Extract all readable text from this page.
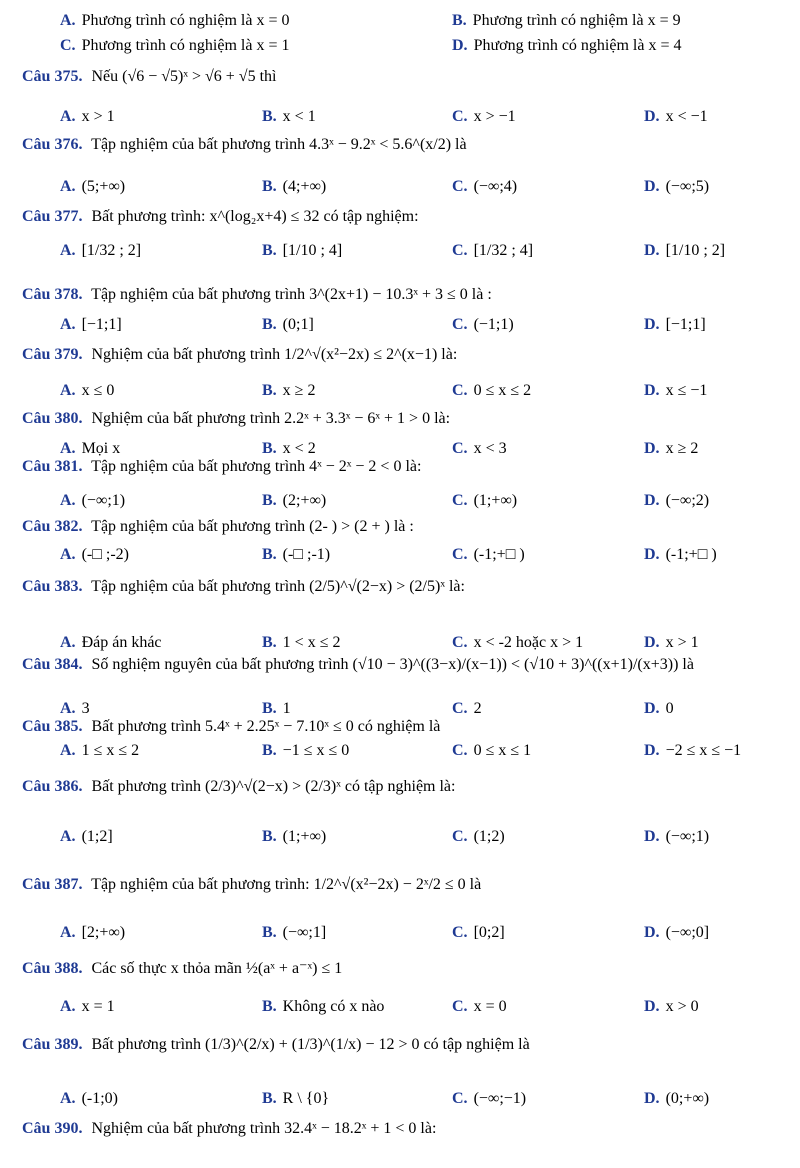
A. Phương trình có nghiệm là x = 0	B. Phương trình có nghiệm là x = 9
C. Phương trình có nghiệm là x = 1	D. Phương trình có nghiệm là x = 4
Câu 375. Nếu (√6 − √5)ˣ > √6 + √5 thì
A. x > 1	B. x < 1	C. x > −1	D. x < −1
Câu 376. Tập nghiệm của bất phương trình 4.3ˣ − 9.2ˣ < 5.6^(x/2) là
A. (5;+∞)	B. (4;+∞)	C. (−∞;4)	D. (−∞;5)
Câu 377. Bất phương trình: x^(log₂x+4) ≤ 32 có tập nghiệm:
A. [1/32 ; 2]	B. [1/10 ; 4]	C. [1/32 ; 4]	D. [1/10 ; 2]
Câu 378. Tập nghiệm của bất phương trình 3^(2x+1) − 10.3ˣ + 3 ≤ 0 là :
A. [−1;1]	B. (0;1]	C. (−1;1)	D. [−1;1]
Câu 379. Nghiệm của bất phương trình 1/2^√(x²−2x) ≤ 2^(x−1) là:
A. x ≤ 0	B. x ≥ 2	C. 0 ≤ x ≤ 2	D. x ≤ −1
Câu 380. Nghiệm của bất phương trình 2.2ˣ + 3.3ˣ − 6ˣ + 1 > 0 là:
A. Mọi x	B. x < 2	C. x < 3	D. x ≥ 2
Câu 381. Tập nghiệm của bất phương trình 4ˣ − 2ˣ − 2 < 0 là:
A. (−∞;1)	B. (2;+∞)	C. (1;+∞)	D. (−∞;2)
Câu 382. Tập nghiệm của bất phương trình (2- ) > (2 + ) là :
A. (-□ ;-2)	B. (-□ ;-1)	C. (-1;+□ )	D. (-1;+□ )
Câu 383. Tập nghiệm của bất phương trình (2/5)^√(2−x) > (2/5)ˣ là:
A. Đáp án khác	B. 1 < x ≤ 2	C. x < -2 hoặc x > 1	D. x > 1
Câu 384. Số nghiệm nguyên của bất phương trình (√10 − 3)^((3−x)/(x−1)) < (√10 + 3)^((x+1)/(x+3)) là
A. 3	B. 1	C. 2	D. 0
Câu 385. Bất phương trình 5.4ˣ + 2.25ˣ − 7.10ˣ ≤ 0 có nghiệm là
A. 1 ≤ x ≤ 2	B. −1 ≤ x ≤ 0	C. 0 ≤ x ≤ 1	D. −2 ≤ x ≤ −1
Câu 386. Bất phương trình (2/3)^√(2−x) > (2/3)ˣ có tập nghiệm là:
A. (1;2]	B. (1;+∞)	C. (1;2)	D. (−∞;1)
Câu 387. Tập nghiệm của bất phương trình: 1/2^√(x²−2x) − 2ˣ/2 ≤ 0 là
A. [2;+∞)	B. (−∞;1]	C. [0;2]	D. (−∞;0]
Câu 388. Các số thực x thỏa mãn ½(aˣ + a⁻ˣ) ≤ 1
A. x = 1	B. Không có x nào	C. x = 0	D. x > 0
Câu 389. Bất phương trình (1/3)^(2/x) + (1/3)^(1/x) − 12 > 0 có tập nghiệm là
A. (-1;0)	B. R \ {0}	C. (−∞;−1)	D. (0;+∞)
Câu 390. Nghiệm của bất phương trình 32.4ˣ − 18.2ˣ + 1 < 0 là:
